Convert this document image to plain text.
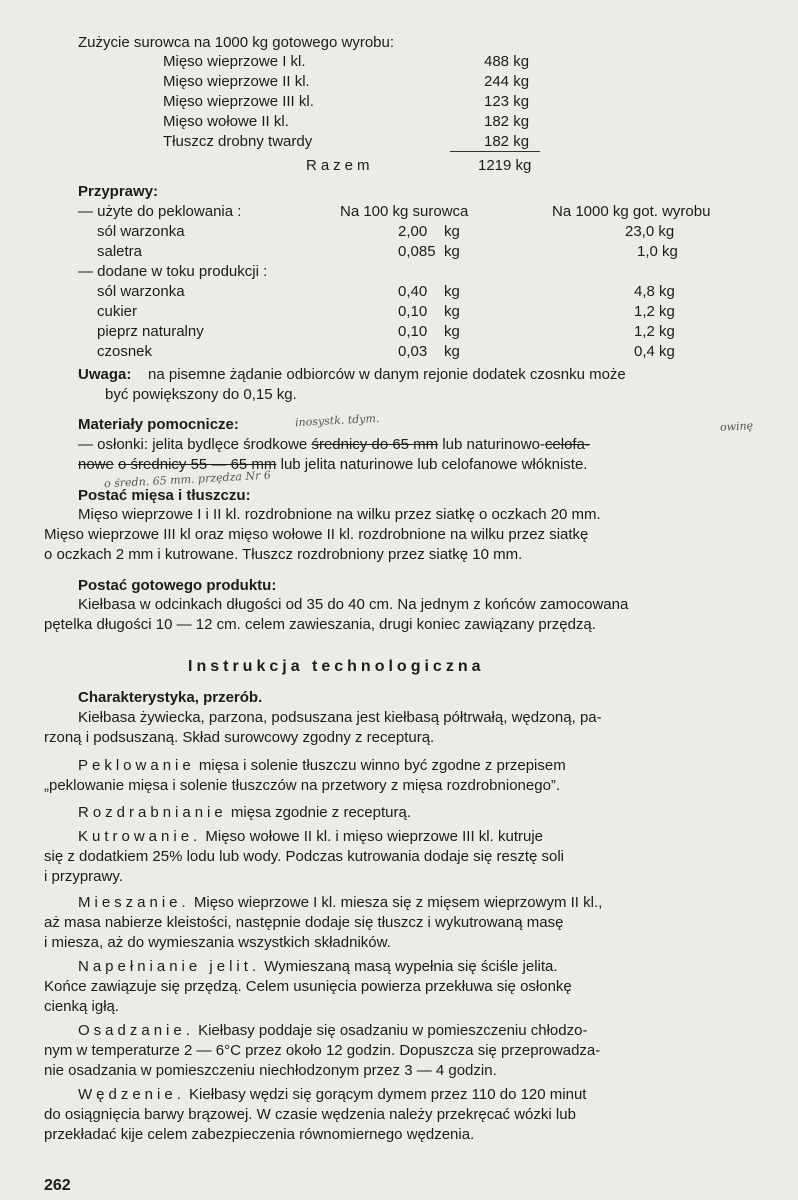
Zużycie surowca na 1000 kg gotowego wyrobu:
Mięso wieprzowe I kl.	488 kg
Mięso wieprzowe II kl.	244 kg
Mięso wieprzowe III kl.	123 kg
Mięso wołowe II kl.	182 kg
Tłuszcz drobny twardy	182 kg
Razem	1219 kg
Przyprawy:
— użyte do peklowania :	Na 100 kg surowca	Na 1000 kg got. wyrobu
sól warzonka	2,00 kg	23,0 kg
saletra	0,085 kg	1,0 kg
— dodane w toku produkcji :
sól warzonka	0,40 kg	4,8 kg
cukier	0,10 kg	1,2 kg
pieprz naturalny	0,10 kg	1,2 kg
czosnek	0,03 kg	0,4 kg
Uwaga: na pisemne żądanie odbiorców w danym rejonie dodatek czosnku może
być powiększony do 0,15 kg.
Materiały pomocnicze:	inosystk. tdym.	owinę
— osłonki: jelita bydlęce środkowe średnicy do 65 mm lub naturinowo-celofa-
nowe o średnicy 55 — 65 mm lub jelita naturinowe lub celofanowe włókniste.
o średn. 65 mm. przędza Nr 6
Postać mięsa i tłuszczu:
Mięso wieprzowe I i II kl. rozdrobnione na wilku przez siatkę o oczkach 20 mm.
Mięso wieprzowe III kl oraz mięso wołowe II kl. rozdrobnione na wilku przez siatkę
o oczkach 2 mm i kutrowane. Tłuszcz rozdrobniony przez siatkę 10 mm.
Postać gotowego produktu:
Kiełbasa w odcinkach długości od 35 do 40 cm. Na jednym z końców zamocowana
pętelka długości 10 — 12 cm. celem zawieszania, drugi koniec zawiązany przędzą.
Instrukcja technologiczna
Charakterystyka, przerób.
Kiełbasa żywiecka, parzona, podsuszana jest kiełbasą półtrwałą, wędzoną, pa-
rzoną i podsuszaną. Skład surowcowy zgodny z recepturą.
Peklowanie mięsa i solenie tłuszczu winno być zgodne z przepisem
„peklowanie mięsa i solenie tłuszczów na przetwory z mięsa rozdrobnionego”.
Rozdrabnianie mięsa zgodnie z recepturą.
Kutrowanie. Mięso wołowe II kl. i mięso wieprzowe III kl. kutruje
się z dodatkiem 25% lodu lub wody. Podczas kutrowania dodaje się resztę soli
i przyprawy.
Mieszanie. Mięso wieprzowe I kl. miesza się z mięsem wieprzowym II kl.,
aż masa nabierze kleistości, następnie dodaje się tłuszcz i wykutrowaną masę
i miesza, aż do wymieszania wszystkich składników.
Napełnianie jelit. Wymieszaną masą wypełnia się ściśle jelita.
Końce zawiązuje się przędzą. Celem usunięcia powierza przekłuwa się osłonkę
cienką igłą.
Osadzanie. Kiełbasy poddaje się osadzaniu w pomieszczeniu chłodzo-
nym w temperaturze 2 — 6°C przez około 12 godzin. Dopuszcza się przeprowadza-
nie osadzania w pomieszczeniu niechłodzonym przez 3 — 4 godzin.
Wędzenie. Kiełbasy wędzi się gorącym dymem przez 110 do 120 minut
do osiągnięcia barwy brązowej. W czasie wędzenia należy przekręcać wózki lub
przekładać kije celem zabezpieczenia równomiernego wędzenia.
262
